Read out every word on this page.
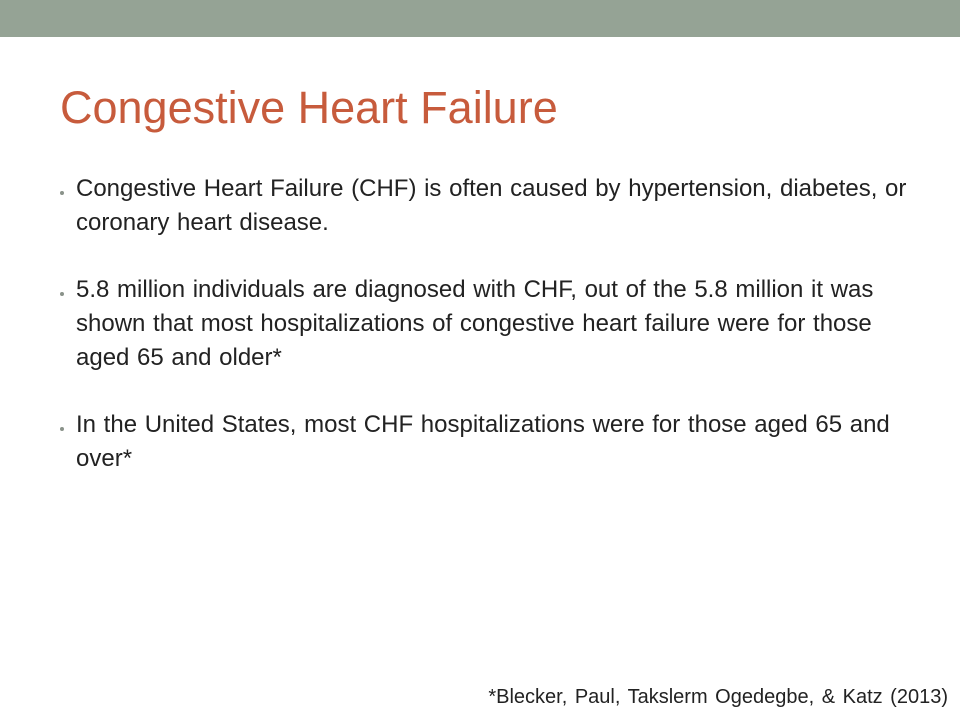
Congestive Heart Failure
Congestive Heart Failure (CHF) is often caused by hypertension, diabetes, or coronary heart disease.
5.8 million individuals are diagnosed with CHF, out of the 5.8 million it was shown that most hospitalizations of congestive heart failure were for those aged 65 and older*
In the United States, most CHF hospitalizations were for those aged 65 and over*
*Blecker, Paul, Takslerm Ogedegbe, & Katz (2013)
